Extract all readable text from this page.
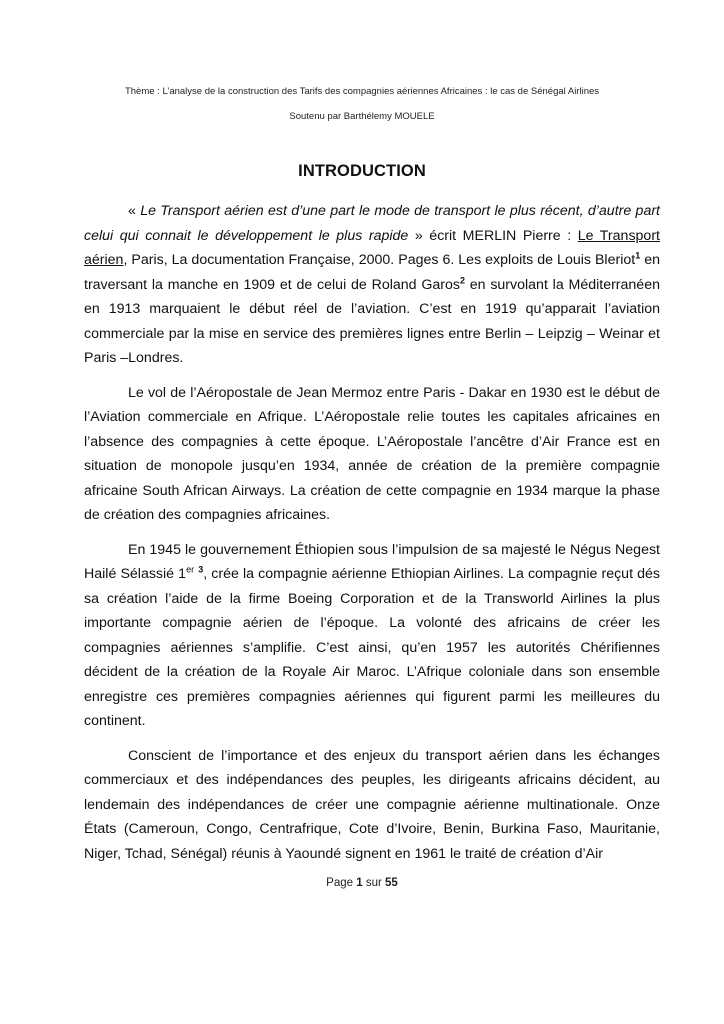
Thème : L’analyse de la construction des Tarifs des compagnies aériennes Africaines : le cas de Sénégal Airlines
Soutenu par Barthélemy MOUELE
INTRODUCTION

« Le Transport aérien est d’une part le mode de transport le plus récent, d’autre part celui qui connait le développement le plus rapide » écrit MERLIN Pierre : Le Transport aérien, Paris, La documentation Française, 2000. Pages 6. Les exploits de Louis Bleriot$^1$ en traversant la manche en 1909 et de celui de Roland Garos$^2$ en survolant la Méditerranéen en 1913 marquaient le début réel de l’aviation. C’est en 1919 qu’apparait l’aviation commerciale par la mise en service des premières lignes entre Berlin – Leipzig – Weinar et Paris –Londres.

Le vol de l’Aéropostale de Jean Mermoz entre Paris - Dakar en 1930 est le début de l’Aviation commerciale en Afrique. L’Aéropostale relie toutes les capitales africaines en l’absence des compagnies à cette époque. L’Aéropostale l’ancêtre d’Air France est en situation de monopole jusqu’en 1934, année de création de la première compagnie africaine South African Airways. La création de cette compagnie en 1934 marque la phase de création des compagnies africaines.

En 1945 le gouvernement Éthiopien sous l’impulsion de sa majesté le Négus Negest Hailé Sélassié 1er $^3$, crée la compagnie aérienne Ethiopian Airlines. La compagnie reçut dés sa création l’aide de la firme Boeing Corporation et de la Transworld Airlines la plus importante compagnie aérien de l’époque. La volonté des africains de créer les compagnies aériennes s’amplifie. C’est ainsi, qu’en 1957 les autorités Chérifiennes décident de la création de la Royale Air Maroc. L’Afrique coloniale dans son ensemble enregistre ces premières compagnies aériennes qui figurent parmi les meilleures du continent.

Conscient de l’importance et des enjeux du transport aérien dans les échanges commerciaux et des indépendances des peuples, les dirigeants africains décident, au lendemain des indépendances de créer une compagnie aérienne multinationale. Onze États (Cameroun, Congo, Centrafrique, Cote d’Ivoire, Benin, Burkina Faso, Mauritanie, Niger, Tchad, Sénégal) réunis à Yaoundé signent en 1961 le traité de création d’Air

Page 1 sur 55
